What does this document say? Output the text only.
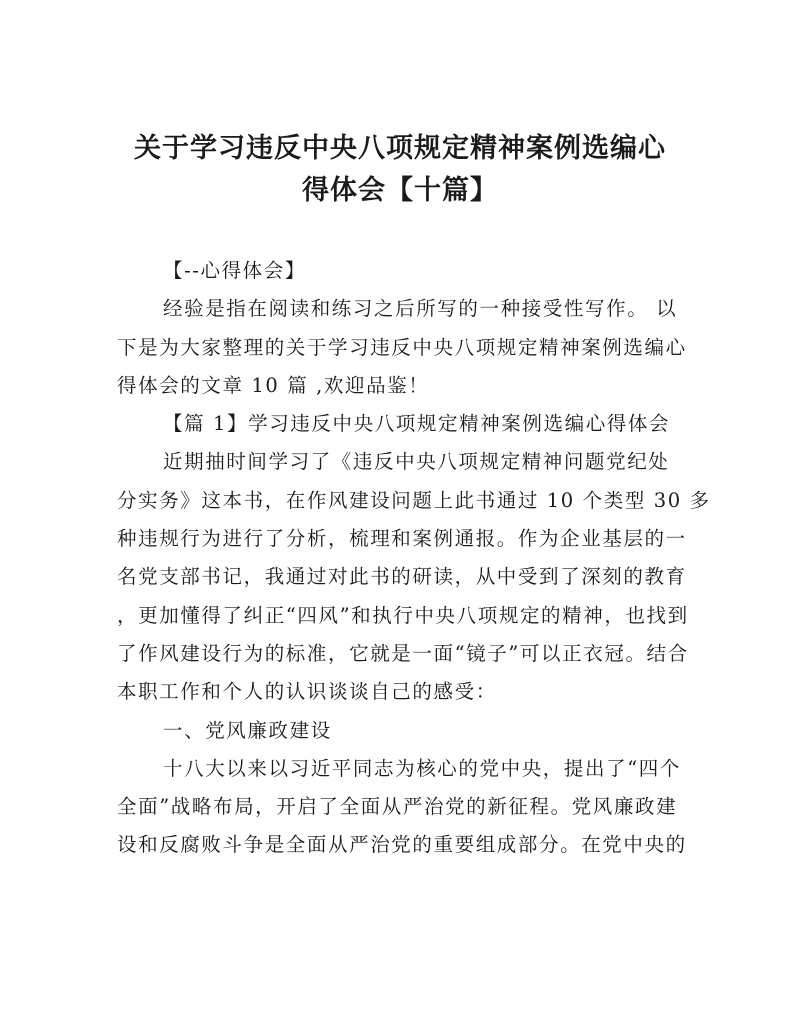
关于学习违反中央八项规定精神案例选编心
得体会【十篇】
【--心得体会】
经验是指在阅读和练习之后所写的一种接受性写作。 以
下是为大家整理的关于学习违反中央八项规定精神案例选编心
得体会的文章 10 篇 ,欢迎品鉴！
【篇 1】学习违反中央八项规定精神案例选编心得体会
近期抽时间学习了《违反中央八项规定精神问题党纪处
分实务》这本书，在作风建设问题上此书通过 10 个类型 30 多
种违规行为进行了分析，梳理和案例通报。作为企业基层的一
名党支部书记，我通过对此书的研读，从中受到了深刻的教育
，更加懂得了纠正“四风”和执行中央八项规定的精神，也找到
了作风建设行为的标准，它就是一面“镜子”可以正衣冠。结合
本职工作和个人的认识谈谈自己的感受：
一、党风廉政建设
十八大以来以习近平同志为核心的党中央，提出了“四个
全面”战略布局，开启了全面从严治党的新征程。党风廉政建
设和反腐败斗争是全面从严治党的重要组成部分。在党中央的
